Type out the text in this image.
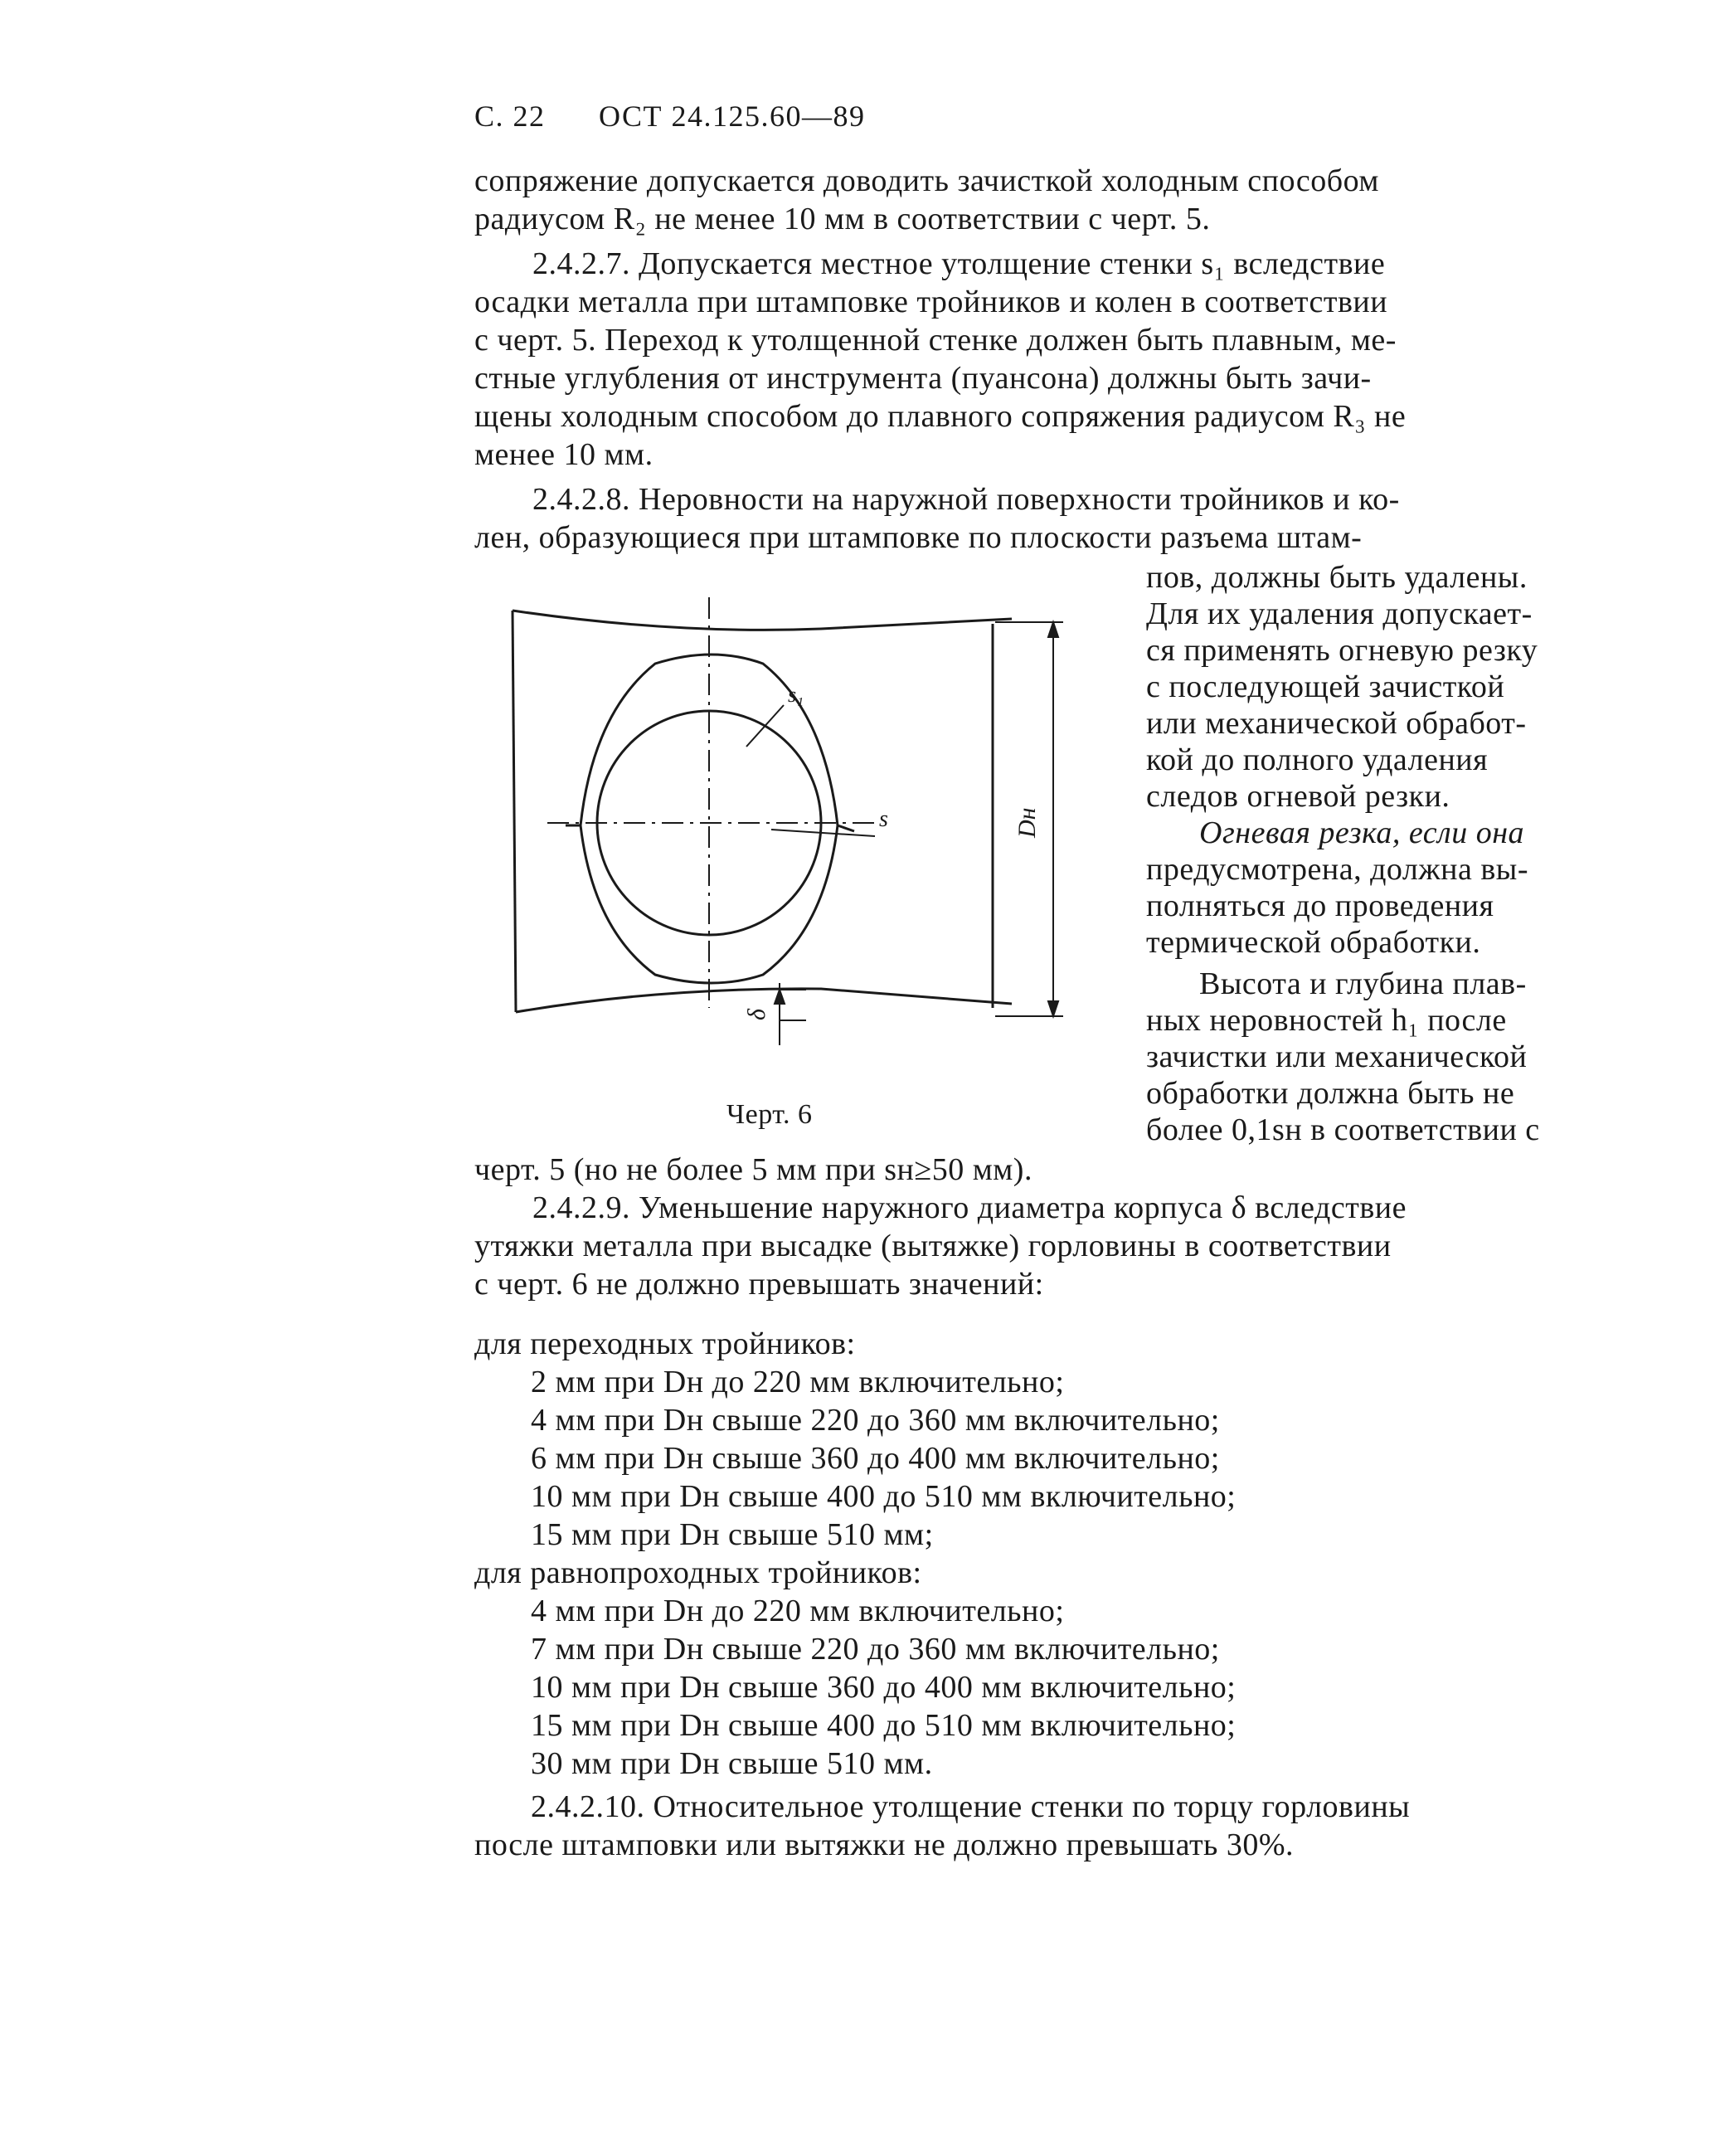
С. 22 ОСТ 24.125.60—89
сопряжение допускается доводить зачисткой холодным способом
радиусом R₂ не менее 10 мм в соответствии с черт. 5.
2.4.2.7. Допускается местное утолщение стенки s₁ вследствие
осадки металла при штамповке тройников и колен в соответствии
с черт. 5. Переход к утолщенной стенке должен быть плавным, ме-
стные углубления от инструмента (пуансона) должны быть зачи-
щены холодным способом до плавного сопряжения радиусом R₃ не
менее 10 мм.
2.4.2.8. Неровности на наружной поверхности тройников и ко-
лен, образующиеся при штамповке по плоскости разъема штам-
s₁
s	Dн
δ
Черт. 6
пов, должны быть удалены.
Для их удаления допускает-
ся применять огневую резку
с последующей зачисткой
или механической обработ-
кой до полного удаления
следов огневой резки.
Огневая резка, если она
предусмотрена, должна вы-
полняться до проведения
термической обработки.
Высота и глубина плав-
ных неровностей h₁ после
зачистки или механической
обработки должна быть не
более 0,1sн в соответствии с
черт. 5 (но не более 5 мм при sн≥50 мм).
2.4.2.9. Уменьшение наружного диаметра корпуса δ вследствие
утяжки металла при высадке (вытяжке) горловины в соответствии
с черт. 6 не должно превышать значений:
для переходных тройников:
2 мм при Dн до 220 мм включительно;
4 мм при Dн свыше 220 до 360 мм включительно;
6 мм при Dн свыше 360 до 400 мм включительно;
10 мм при Dн свыше 400 до 510 мм включительно;
15 мм при Dн свыше 510 мм;
для равнопроходных тройников:
4 мм при Dн до 220 мм включительно;
7 мм при Dн свыше 220 до 360 мм включительно;
10 мм при Dн свыше 360 до 400 мм включительно;
15 мм при Dн свыше 400 до 510 мм включительно;
30 мм при Dн свыше 510 мм.
2.4.2.10. Относительное утолщение стенки по торцу горловины
после штамповки или вытяжки не должно превышать 30%.
